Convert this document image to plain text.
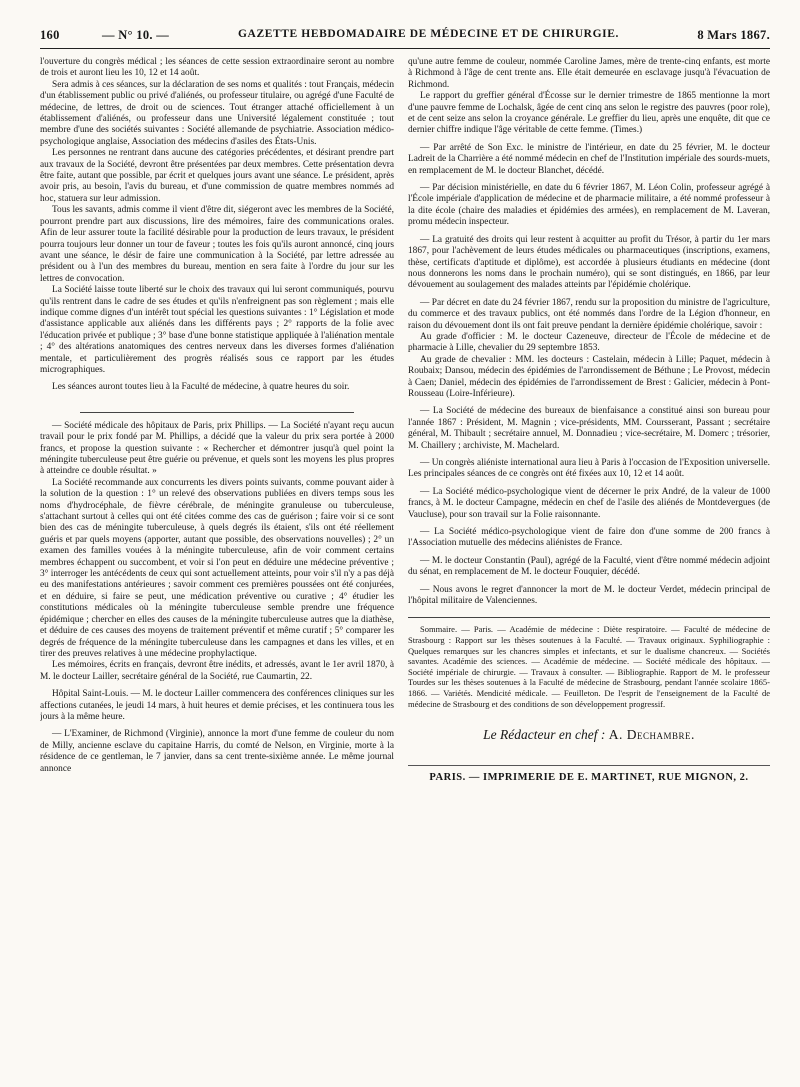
160	— N° 10. —	GAZETTE HEBDOMADAIRE DE MÉDECINE ET DE CHIRURGIE.	8 Mars 1867.

l'ouverture du congrès médical ; les séances de cette session extraordinaire seront au nombre de trois et auront lieu les 10, 12 et 14 août.

Sera admis à ces séances, sur la déclaration de ses noms et qualités : tout Français, médecin d'un établissement public ou privé d'aliénés, ou professeur titulaire, ou agrégé d'une Faculté de médecine, de lettres, de droit ou de sciences. Tout étranger attaché officiellement à un établissement d'aliénés, ou professeur dans une Université légalement constituée ; tout membre d'une des sociétés suivantes : Société allemande de psychiatrie. Association médico-psychologique anglaise, Association des médecins d'asiles des États-Unis.

Les personnes ne rentrant dans aucune des catégories précédentes, et désirant prendre part aux travaux de la Société, devront être présentées par deux membres. Cette présentation devra être faite, autant que possible, par écrit et quelques jours avant une séance. Le président, après avoir pris, au besoin, l'avis du bureau, et d'une commission de quatre membres nommés ad hoc, statuera sur leur admission.

Tous les savants, admis comme il vient d'être dit, siégeront avec les membres de la Société, pourront prendre part aux discussions, lire des mémoires, faire des communications orales. Afin de leur assurer toute la facilité désirable pour la production de leurs travaux, le président pourra toujours leur donner un tour de faveur ; toutes les fois qu'ils auront annoncé, cinq jours avant une séance, le désir de faire une communication à la Société, par lettre adressée au président ou à l'un des membres du bureau, mention en sera faite à l'ordre du jour sur les lettres de convocation.

La Société laisse toute liberté sur le choix des travaux qui lui seront communiqués, pourvu qu'ils rentrent dans le cadre de ses études et qu'ils n'enfreignent pas son règlement ; mais elle indique comme dignes d'un intérêt tout spécial les questions suivantes : 1° Législation et mode d'assistance applicable aux aliénés dans les différents pays ; 2° rapports de la folie avec l'éducation privée et publique ; 3° base d'une bonne statistique appliquée à l'aliénation mentale ; 4° des altérations anatomiques des centres nerveux dans les diverses formes d'aliénation mentale, et particulièrement des progrès réalisés sous ce rapport par les études micrographiques.

Les séances auront toutes lieu à la Faculté de médecine, à quatre heures du soir.

— Société médicale des hôpitaux de Paris, prix Phillips. — La Société n'ayant reçu aucun travail pour le prix fondé par M. Phillips, a décidé que la valeur du prix sera portée à 2000 francs, et propose la question suivante : « Rechercher et démontrer jusqu'à quel point la méningite tuberculeuse peut être guérie ou prévenue, et quels sont les moyens les plus propres à atteindre ce double résultat. »

La Société recommande aux concurrents les divers points suivants, comme pouvant aider à la solution de la question : 1° un relevé des observations publiées en divers temps sous les noms d'hydrocéphale, de fièvre cérébrale, de méningite granuleuse ou tuberculeuse, s'attachant surtout à celles qui ont été citées comme des cas de guérison ; faire voir si ce sont bien des cas de méningite tuberculeuse, à quels degrés ils étaient, s'ils ont été réellement guéris et par quels moyens (apporter, autant que possible, des observations nouvelles) ; 2° un examen des familles vouées à la méningite tuberculeuse, afin de voir comment certains membres échappent ou succombent, et voir si l'on peut en déduire une médecine préventive ; 3° interroger les antécédents de ceux qui sont actuellement atteints, pour voir s'il n'y a pas déjà eu des manifestations antérieures ; savoir comment ces premières poussées ont été conjurées, et en déduire, si faire se peut, une médication préventive ou curative ; 4° étudier les constitutions médicales où la méningite tuberculeuse semble prendre une fréquence épidémique ; chercher en elles des causes de la méningite tuberculeuse autres que la diathèse, et déduire de ces causes des moyens de traitement préventif et même curatif ; 5° comparer les degrés de fréquence de la méningite tuberculeuse dans les campagnes et dans les villes, et en tirer des preuves relatives à une médecine prophylactique.

Les mémoires, écrits en français, devront être inédits, et adressés, avant le 1er avril 1870, à M. le docteur Lailler, secrétaire général de la Société, rue Caumartin, 22.

Hôpital Saint-Louis. — M. le docteur Lailler commencera des conférences cliniques sur les affections cutanées, le jeudi 14 mars, à huit heures et demie précises, et les continuera tous les jours à la même heure.

— L'Examiner, de Richmond (Virginie), annonce la mort d'une femme de couleur du nom de Milly, ancienne esclave du capitaine Harris, du comté de Nelson, en Virginie, morte à la résidence de ce gentleman, le 7 janvier, dans sa cent trente-sixième année. Le même journal annonce

qu'une autre femme de couleur, nommée Caroline James, mère de trente-cinq enfants, est morte à Richmond à l'âge de cent trente ans. Elle était demeurée en esclavage jusqu'à l'évacuation de Richmond.

Le rapport du greffier général d'Écosse sur le dernier trimestre de 1865 mentionne la mort d'une pauvre femme de Lochalsk, âgée de cent cinq ans selon le registre des pauvres (poor role), et de cent seize ans selon la croyance générale. Le greffier du lieu, après une enquête, dit que ce dernier chiffre indique l'âge véritable de cette femme. (Times.)

— Par arrêté de Son Exc. le ministre de l'intérieur, en date du 25 février, M. le docteur Ladreit de la Charrière a été nommé médecin en chef de l'Institution impériale des sourds-muets, en remplacement de M. le docteur Blanchet, décédé.

— Par décision ministérielle, en date du 6 février 1867, M. Léon Colin, professeur agrégé à l'École impériale d'application de médecine et de pharmacie militaire, a été nommé professeur à la dite école (chaire des maladies et épidémies des armées), en remplacement de M. Laveran, promu médecin inspecteur.

— La gratuité des droits qui leur restent à acquitter au profit du Trésor, à partir du 1er mars 1867, pour l'achèvement de leurs études médicales ou pharmaceutiques (inscriptions, examens, thèse, certificats d'aptitude et diplôme), est accordée à plusieurs étudiants en médecine (dont nous donnerons les noms dans le prochain numéro), qui se sont distingués, en 1866, par leur dévouement au soulagement des malades atteints par l'épidémie cholérique.

— Par décret en date du 24 février 1867, rendu sur la proposition du ministre de l'agriculture, du commerce et des travaux publics, ont été nommés dans l'ordre de la Légion d'honneur, en raison du dévouement dont ils ont fait preuve pendant la dernière épidémie cholérique, savoir :

Au grade d'officier : M. le docteur Cazeneuve, directeur de l'École de médecine et de pharmacie à Lille, chevalier du 29 septembre 1853.

Au grade de chevalier : MM. les docteurs : Castelain, médecin à Lille; Paquet, médecin à Roubaix; Dansou, médecin des épidémies de l'arrondissement de Béthune ; Le Provost, médecin à Caen; Daniel, médecin des épidémies de l'arrondissement de Brest : Galicier, médecin à Pont-Rousseau (Loire-Inférieure).

— La Société de médecine des bureaux de bienfaisance a constitué ainsi son bureau pour l'année 1867 : Président, M. Magnin ; vice-présidents, MM. Coursserant, Passant ; secrétaire général, M. Thibault ; secrétaire annuel, M. Donnadieu ; vice-secrétaire, M. Domerc ; trésorier, M. Chaillery ; archiviste, M. Machelard.

— Un congrès aliéniste international aura lieu à Paris à l'occasion de l'Exposition universelle. Les principales séances de ce congrès ont été fixées aux 10, 12 et 14 août.

— La Société médico-psychologique vient de décerner le prix André, de la valeur de 1000 francs, à M. le docteur Campagne, médecin en chef de l'asile des aliénés de Montdevergues (de Vaucluse), pour son travail sur la Folie raisonnante.

— La Société médico-psychologique vient de faire don d'une somme de 200 francs à l'Association mutuelle des médecins aliénistes de France.

— M. le docteur Constantin (Paul), agrégé de la Faculté, vient d'être nommé médecin adjoint du sénat, en remplacement de M. le docteur Fouquier, décédé.

— Nous avons le regret d'annoncer la mort de M. le docteur Verdet, médecin principal de l'hôpital militaire de Valenciennes.

Sommaire. — Paris. — Académie de médecine : Diète respiratoire. — Faculté de médecine de Strasbourg : Rapport sur les thèses soutenues à la Faculté. — Travaux originaux. Syphiliographie : Quelques remarques sur les chancres simples et infectants, et sur le dualisme chancreux. — Sociétés savantes. Académie des sciences. — Académie de médecine. — Société médicale des hôpitaux. — Société impériale de chirurgie. — Travaux à consulter. — Bibliographie. Rapport de M. le professeur Tourdes sur les thèses soutenues à la Faculté de médecine de Strasbourg, pendant l'année scolaire 1865-1866. — Variétés. Mendicité médicale. — Feuilleton. De l'esprit de l'enseignement de la Faculté de médecine de Strasbourg et des conditions de son développement progressif.

Le Rédacteur en chef : A. Dechambre.
PARIS. — IMPRIMERIE DE E. MARTINET, RUE MIGNON, 2.
